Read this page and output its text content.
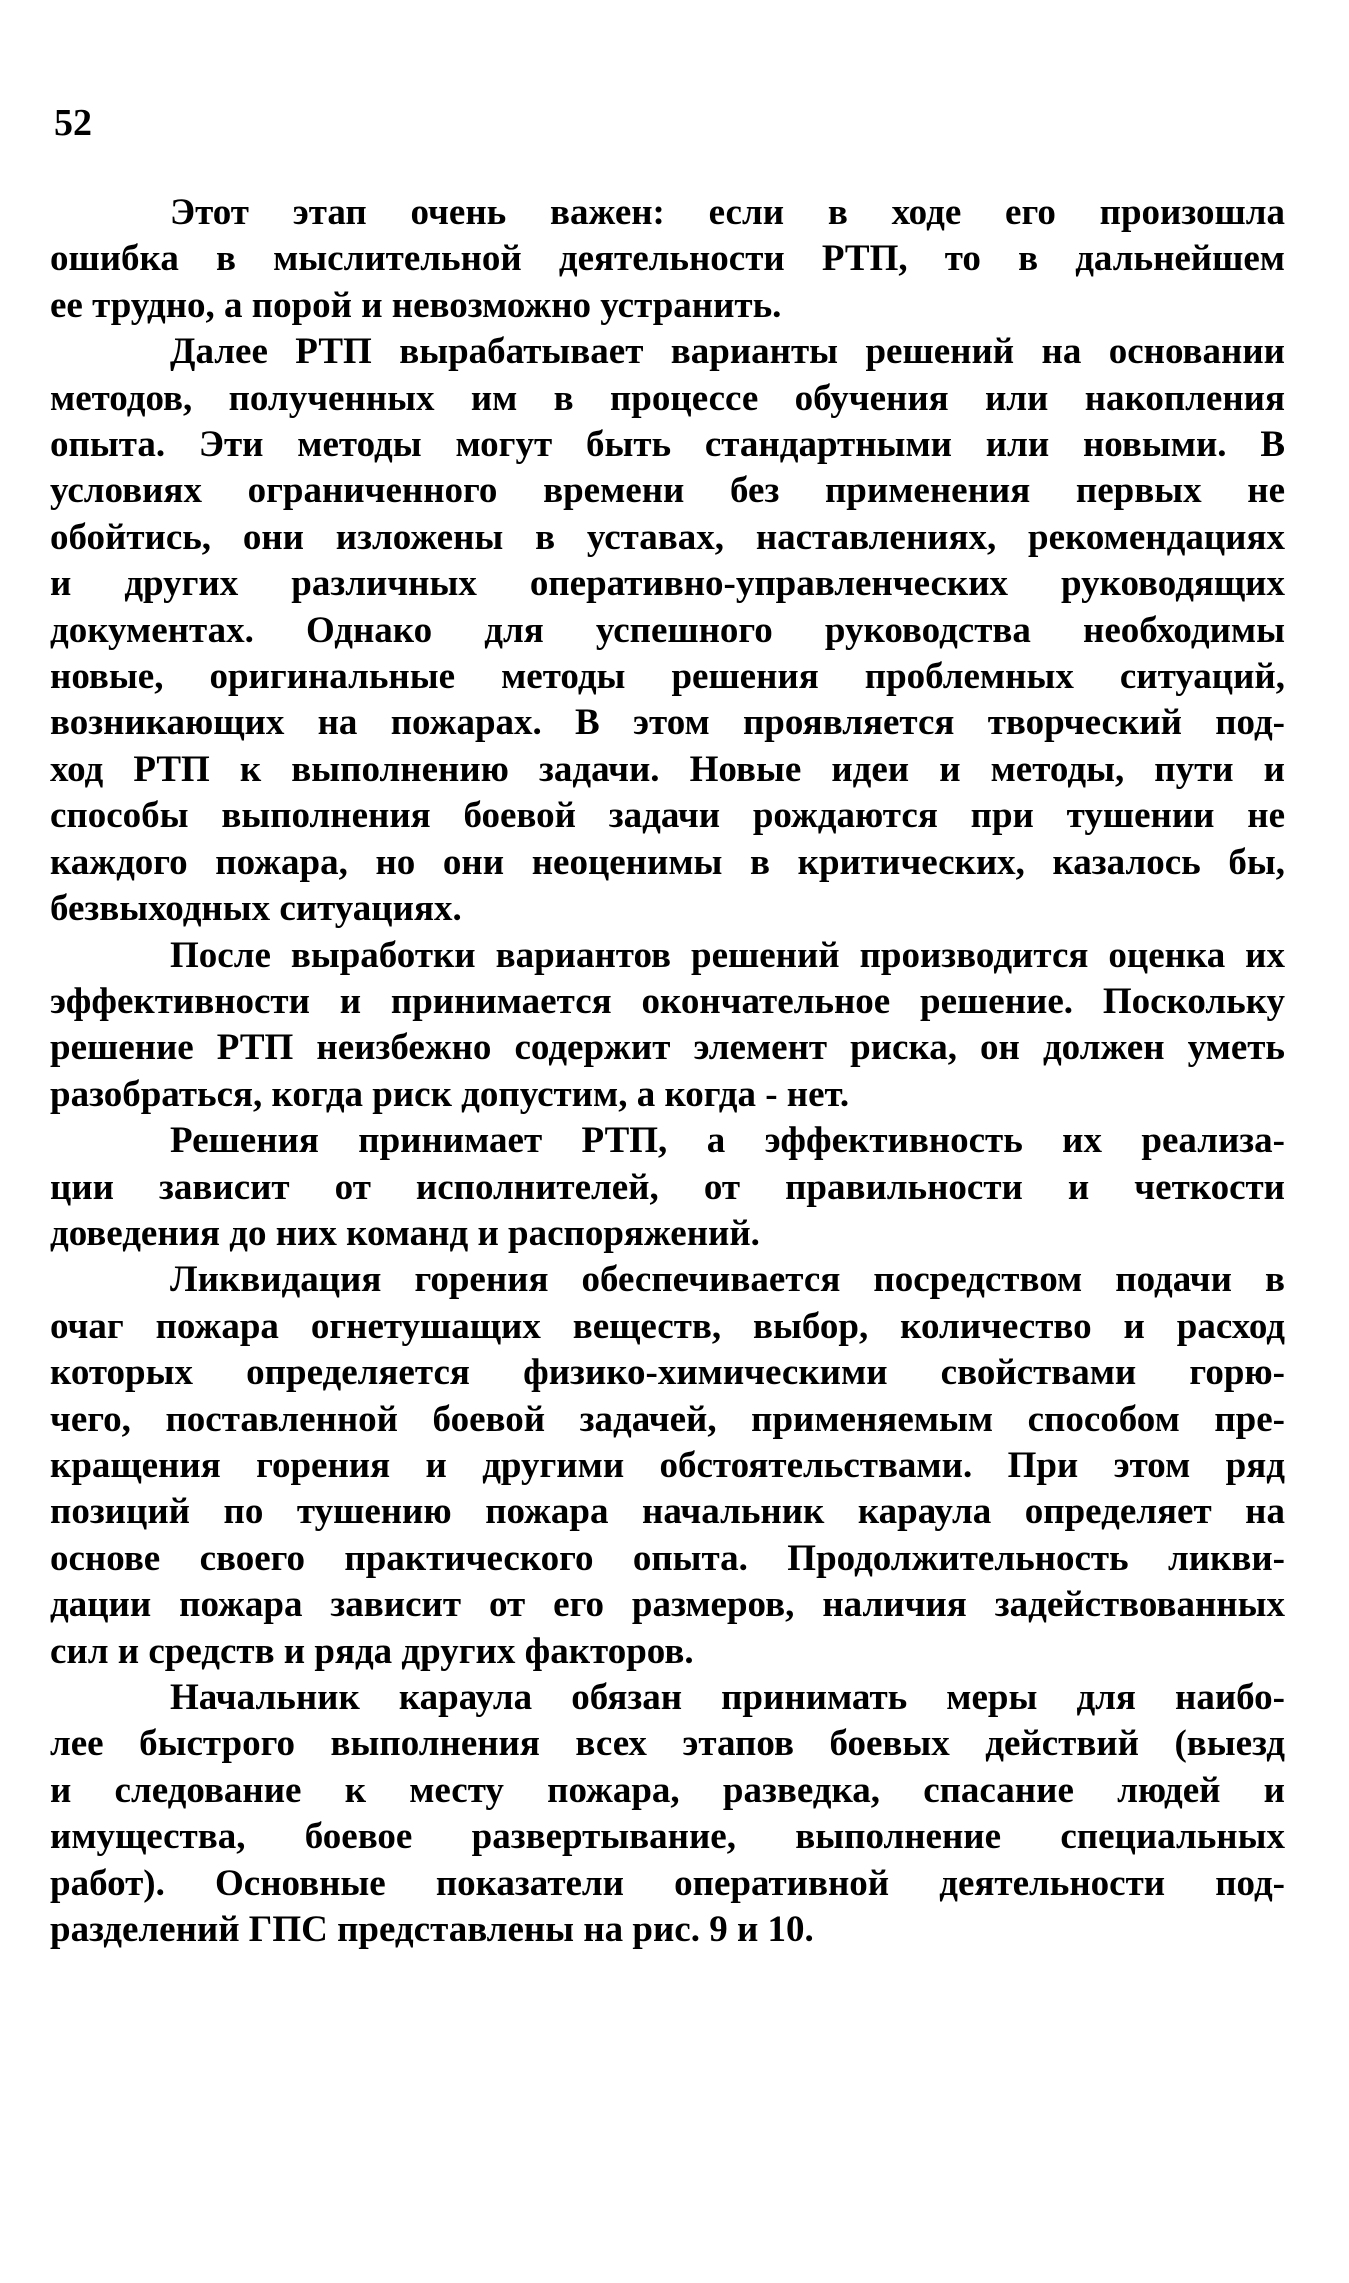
52
Этот этап очень важен: если в ходе его произошла
ошибка в мыслительной деятельности РТП, то в дальнейшем
ее трудно, а порой и невозможно устранить.
Далее РТП вырабатывает варианты решений на основании
методов, полученных им в процессе обучения или накопления
опыта. Эти методы могут быть стандартными или новыми. В
условиях ограниченного времени без применения первых не
обойтись, они изложены в уставах, наставлениях, рекомендациях
и других различных оперативно-управленческих руководящих
документах. Однако для успешного руководства необходимы
новые, оригинальные методы решения проблемных ситуаций,
возникающих на пожарах. В этом проявляется творческий под-
ход РТП к выполнению задачи. Новые идеи и методы, пути и
способы выполнения боевой задачи рождаются при тушении не
каждого пожара, но они неоценимы в критических, казалось бы,
безвыходных ситуациях.
После выработки вариантов решений производится оценка их
эффективности и принимается окончательное решение. Поскольку
решение РТП неизбежно содержит элемент риска, он должен уметь
разобраться, когда риск допустим, а когда - нет.
Решения принимает РТП, а эффективность их реализа-
ции зависит от исполнителей, от правильности и четкости
доведения до них команд и распоряжений.
Ликвидация горения обеспечивается посредством подачи в
очаг пожара огнетушащих веществ, выбор, количество и расход
которых определяется физико-химическими свойствами горю-
чего, поставленной боевой задачей, применяемым способом пре-
кращения горения и другими обстоятельствами. При этом ряд
позиций по тушению пожара начальник караула определяет на
основе своего практического опыта. Продолжительность ликви-
дации пожара зависит от его размеров, наличия задействованных
сил и средств и ряда других факторов.
Начальник караула обязан принимать меры для наибо-
лее быстрого выполнения всех этапов боевых действий (выезд
и следование к месту пожара, разведка, спасание людей и
имущества, боевое развертывание, выполнение специальных
работ). Основные показатели оперативной деятельности под-
разделений ГПС представлены на рис. 9 и 10.
